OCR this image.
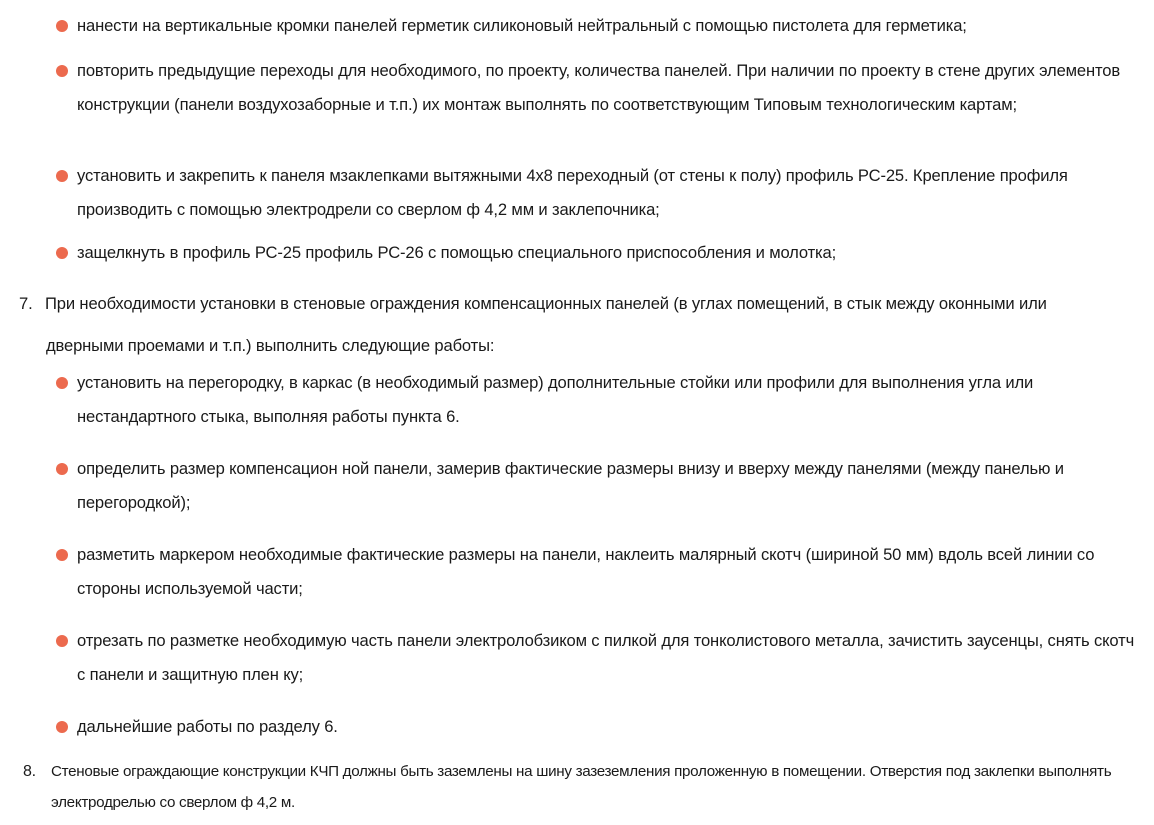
нанести на вертикальные кромки панелей герметик силиконовый нейтральный с помощью пистолета для герметика;
повторить предыдущие переходы для необходимого, по проекту, количества панелей. При наличии по проекту в стене других элементов конструкции (панели воздухозаборные и т.п.) их монтаж выполнять по соответствующим Типовым технологическим картам;
установить и закрепить к панеля мзаклепками вытяжными 4х8 переходный (от стены к полу) профиль РС-25. Крепление профиля производить с помощью электродрели со сверлом ф 4,2 мм и заклепочника;
защелкнуть в профиль РС-25 профиль РС-26 с помощью специального приспособления и молотка;
7. При необходимости установки в стеновые ограждения компенсационных панелей (в углах помещений, в стык между оконными или дверными проемами и т.п.) выполнить следующие работы:
установить на перегородку, в каркас (в необходимый размер) дополнительные стойки или профили для выполнения угла или нестандартного стыка, выполняя работы пункта 6.
определить размер компенсацион ной панели, замерив фактические размеры внизу и вверху между панелями (между панелью и перегородкой);
разметить маркером необходимые фактические размеры на панели, наклеить малярный скотч (шириной 50 мм) вдоль всей линии со стороны используемой части;
отрезать по разметке необходимую часть панели электролобзиком с пилкой для тонколистового металла, зачистить заусенцы, снять скотч с панели и защитную плен ку;
дальнейшие работы по разделу 6.
8. Стеновые ограждающие конструкции КЧП должны быть заземлены на шину зазеземления проложенную в помещении. Отверстия под заклепки выполнять электродрелью со сверлом ф 4,2 м.
